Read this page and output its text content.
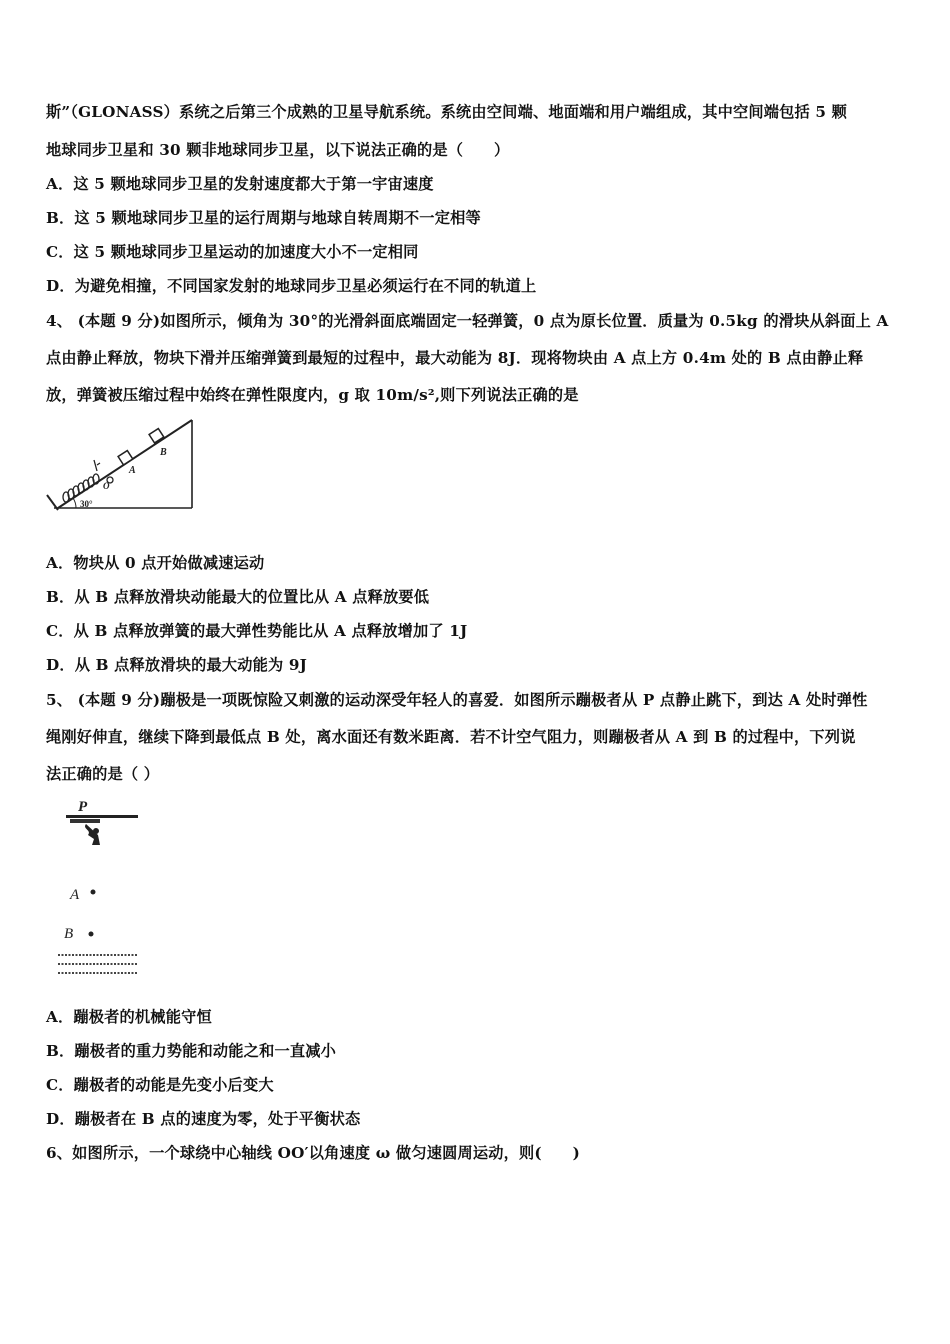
斯”（GLONASS）系统之后第三个成熟的卫星导航系统。系统由空间端、地面端和用户端组成，其中空间端包括 5 颗
地球同步卫星和 30 颗非地球同步卫星，以下说法正确的是（　　）
A．这 5 颗地球同步卫星的发射速度都大于第一宇宙速度
B．这 5 颗地球同步卫星的运行周期与地球自转周期不一定相等
C．这 5 颗地球同步卫星运动的加速度大小不一定相同
D．为避免相撞，不同国家发射的地球同步卫星必须运行在不同的轨道上
4、 (本题 9 分)如图所示，倾角为 30°的光滑斜面底端固定一轻弹簧，0 点为原长位置．质量为 0.5kg 的滑块从斜面上 A
点由静止释放，物块下滑并压缩弹簧到最短的过程中，最大动能为 8J．现将物块由 A 点上方 0.4m 处的 B 点由静止释
放，弹簧被压缩过程中始终在弹性限度内，g 取 10m/s²,则下列说法正确的是
B
A
O
30°
A．物块从 0 点开始做减速运动
B．从 B 点释放滑块动能最大的位置比从 A 点释放要低
C．从 B 点释放弹簧的最大弹性势能比从 A 点释放增加了 1J
D．从 B 点释放滑块的最大动能为 9J
5、 (本题 9 分)蹦极是一项既惊险又刺激的运动深受年轻人的喜爱．如图所示蹦极者从 P 点静止跳下，到达 A 处时弹性
绳刚好伸直，继续下降到最低点 B 处，离水面还有数米距离．若不计空气阻力，则蹦极者从 A 到 B 的过程中，下列说
法正确的是（ ）
P
A
B
A．蹦极者的机械能守恒
B．蹦极者的重力势能和动能之和一直减小
C．蹦极者的动能是先变小后变大
D．蹦极者在 B 点的速度为零，处于平衡状态
6、如图所示，一个球绕中心轴线 OO′以角速度 ω 做匀速圆周运动，则(　　)
